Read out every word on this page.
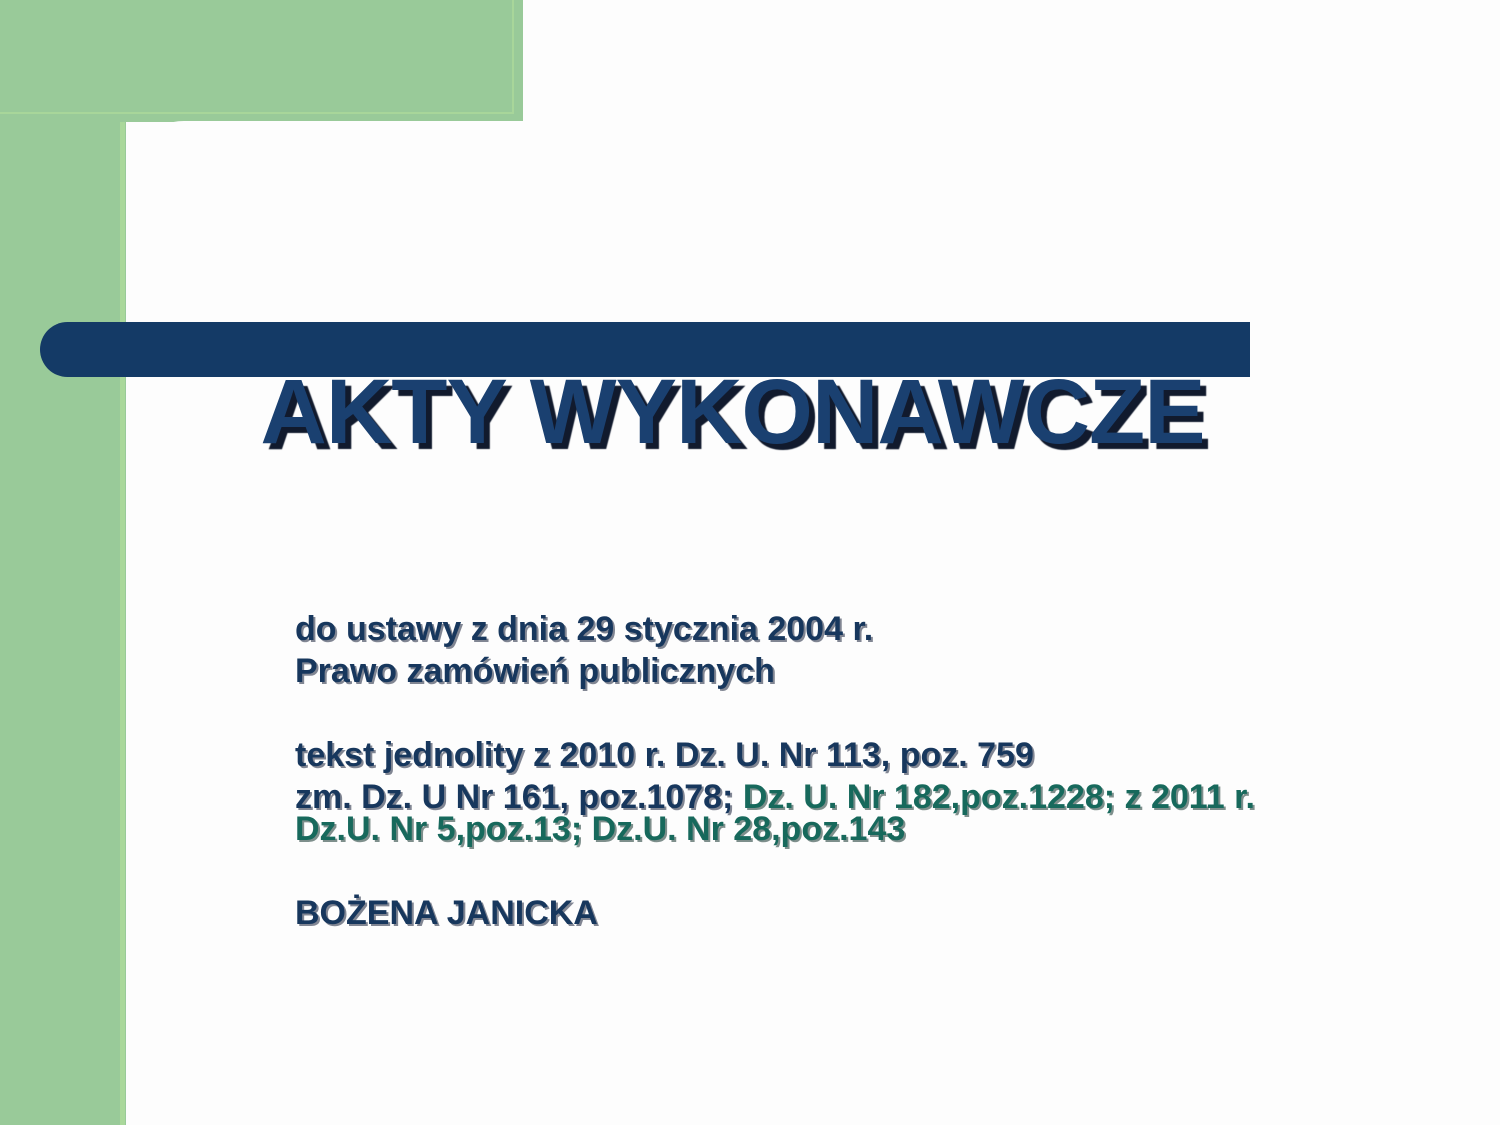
AKTY WYKONAWCZE

do ustawy z dnia 29 stycznia 2004 r.

Prawo zamówień publicznych

tekst jednolity z 2010 r. Dz. U. Nr 113, poz. 759

zm. Dz. U Nr 161, poz.1078; Dz. U. Nr 182,poz.1228; z 2011 r.
Dz.U. Nr 5,poz.13; Dz.U. Nr 28,poz.143

BOŻENA JANICKA
